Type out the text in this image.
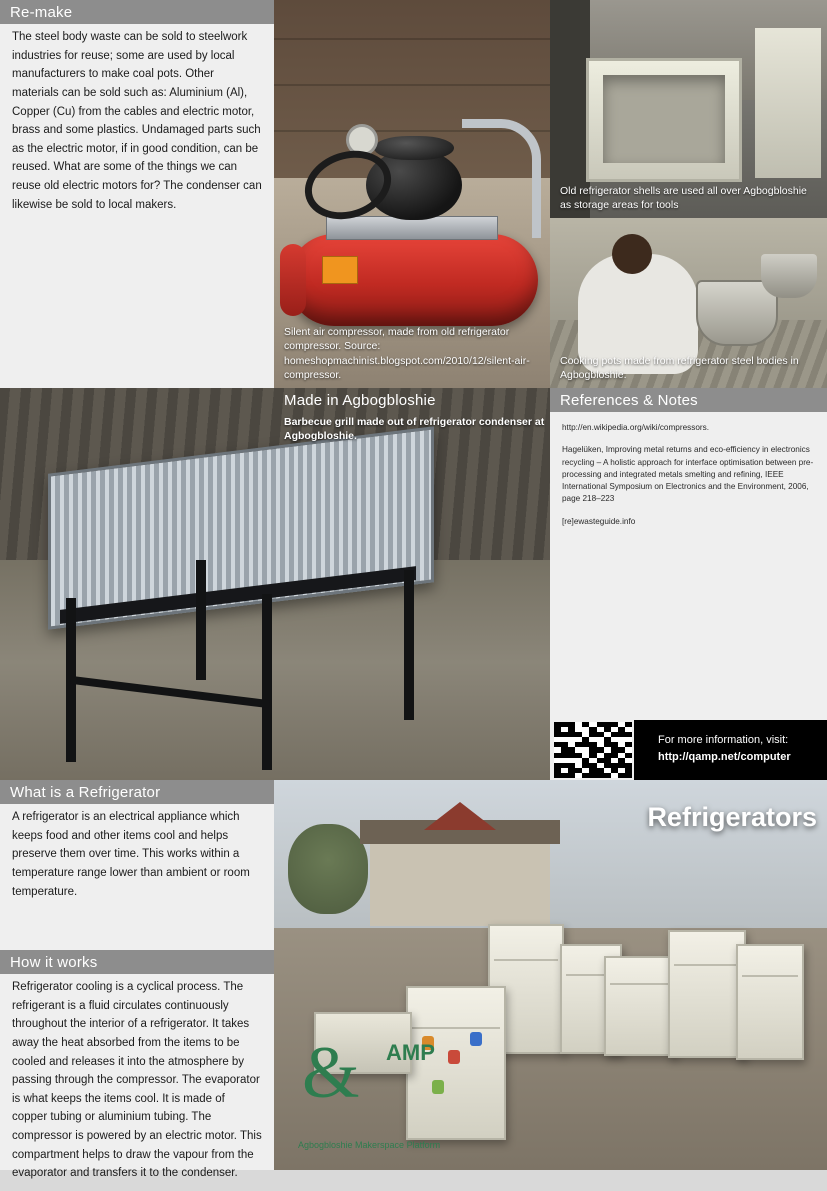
Re-make
The steel body waste can be sold to steelwork industries for reuse; some are used by local manufacturers to make coal pots. Other materials can be sold such as: Aluminium (Al), Copper (Cu) from the cables and electric motor, brass and some plastics. Undamaged parts such as the electric motor, if in good condition, can be reused. What are some of the things we can reuse old electric motors for? The condenser can likewise be sold to local makers.
Silent air compressor, made from old refrigerator compressor. Source: homeshopmachinist.blogspot.com/2010/12/silent-air-compressor.
Old refrigerator shells are used all over Agbogbloshie as storage areas for tools
Cooking pots made from refrigerator steel bodies in Agbogbloshie.
Made in Agbogbloshie
Barbecue grill made out of refrigerator condenser at Agbogbloshie.
References & Notes

http://en.wikipedia.org/wiki/compressors.

Hagelüken, Improving metal returns and eco-efficiency in electronics recycling – A holistic approach for interface optimisation between pre-processing and integrated metals smelting and refining, IEEE International Symposium on Electronics and the Environment, 2006, page 218–223

[re]ewasteguide.info

For more information, visit:
http://qamp.net/computer
What is a Refrigerator
A refrigerator is an electrical appliance which keeps food and other items cool and helps preserve them over time. This works within a temperature range lower than ambient or room temperature.
How it works
Refrigerator cooling is a cyclical process. The refrigerant is a fluid circulates continuously throughout the interior of a refrigerator. It takes away the heat absorbed from the items to be cooled and releases it into the atmosphere by passing through the compressor. The evaporator is what keeps the items cool. It is made of copper tubing or aluminium tubing. The compressor is powered by an electric motor. This compartment helps to draw the vapour from the evaporator and transfers it to the condenser.
Refrigerators
& AMP
Agbogbloshie Makerspace Platform
